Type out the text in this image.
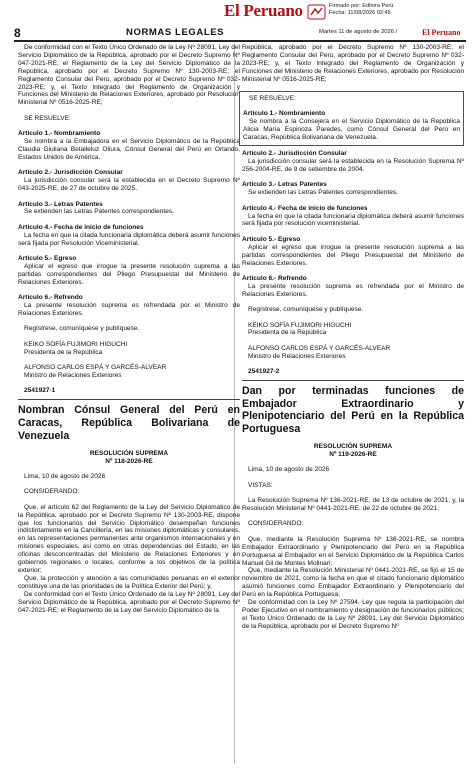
El Peruano	Firmado por: Editora Perú
Fecha: 11/08/2026 02:45
8	NORMAS LEGALES	Martes 11 de agosto de 2026 /	El Peruano

De conformidad con el Texto Único Ordenado de la Ley Nº 28091, Ley del Servicio Diplomático de la República, aprobado por el Decreto Supremo Nº 047-2021-RE; el Reglamento de la Ley del Servicio Diplomático de la República, aprobado por el Decreto Supremo Nº 130-2003-RE; el Reglamento Consular del Perú, aprobado por el Decreto Supremo Nº 032-2023-RE; y, el Texto Integrado del Reglamento de Organización y Funciones del Ministerio de Relaciones Exteriores, aprobado por Resolución Ministerial Nº 0516-2025-RE;

SE RESUELVE:

Artículo 1.- Nombramiento

Se nombra a la Embajadora en el Servicio Diplomático de la República Claudia Giuliana Betalleluz Oliura, Cónsul General del Perú en Orlando, Estados Unidos de América.

Artículo 2.- Jurisdicción Consular

La jurisdicción consular será la establecida en el Decreto Supremo Nº 043-2025-RE, de 27 de octubre de 2025.

Artículo 3.- Letras Patentes

Se extienden las Letras Patentes correspondientes.

Artículo 4.- Fecha de inicio de funciones

La fecha en que la citada funcionaria diplomática deberá asumir funciones será fijada por Resolución Viceministerial.

Artículo 5.- Egreso

Aplicar el egreso que irrogue la presente resolución suprema a las partidas correspondientes del Pliego Presupuestal del Ministerio de Relaciones Exteriores.

Artículo 6.- Refrendo

La presente resolución suprema es refrendada por el Ministro de Relaciones Exteriores.

Regístrese, comuníquese y publíquese.

KEIKO SOFÍA FUJIMORI HIGUCHI

Presidenta de la República

ALFONSO CARLOS ESPÁ Y GARCÉS-ALVEAR

Ministro de Relaciones Exteriores

2541927-1

Nombran Cónsul General del Perú en Caracas, República Bolivariana de Venezuela

RESOLUCIÓN SUPREMA

Nº 118-2026-RE

Lima, 10 de agosto de 2026

CONSIDERANDO:

Que, el artículo 62 del Reglamento de la Ley del Servicio Diplomático de la República, aprobado por el Decreto Supremo Nº 130-2003-RE, dispone que los funcionarios del Servicio Diplomático desempeñan funciones indistintamente en la Cancillería, en las misiones diplomáticas y consulares, en las representaciones permanentes ante organismos internacionales y en misiones especiales, así como en otras dependencias del Estado, en las oficinas desconcentradas del Ministerio de Relaciones Exteriores y en gobiernos regionales o locales, conforme a los objetivos de la política exterior;

Que, la protección y atención a las comunidades peruanas en el exterior constituye una de las prioridades de la Política Exterior del Perú; y,

De conformidad con el Texto Único Ordenado de la Ley Nº 28091, Ley del Servicio Diplomático de la República, aprobado por el Decreto Supremo Nº 047-2021-RE; el Reglamento de la Ley del Servicio Diplomático de la

República, aprobado por el Decreto Supremo Nº 130-2003-RE; el Reglamento Consular del Perú, aprobado por el Decreto Supremo Nº 032-2023-RE; y, el Texto Integrado del Reglamento de Organización y Funciones del Ministerio de Relaciones Exteriores, aprobado por Resolución Ministerial Nº 0516-2025-RE;

SE RESUELVE:

Artículo 1.- Nombramiento

Se nombra a la Consejera en el Servicio Diplomático de la República Alicia María Espinoza Paredes, como Cónsul General del Perú en Caracas, República Bolivariana de Venezuela.

Artículo 2.- Jurisdicción Consular

La jurisdicción consular será la establecida en la Resolución Suprema Nº 256-2004-RE, de 9 de setiembre de 2004.

Artículo 3.- Letras Patentes

Se extienden las Letras Patentes correspondientes.

Artículo 4.- Fecha de inicio de funciones

La fecha en que la citada funcionaria diplomática deberá asumir funciones será fijada por resolución viceministerial.

Artículo 5.- Egreso

Aplicar el egreso que irrogue la presente resolución suprema a las partidas correspondientes del Pliego Presupuestal del Ministerio de Relaciones Exteriores.

Artículo 6.- Refrendo

La presente resolución suprema es refrendada por el Ministro de Relaciones Exteriores.

Regístrese, comuníquese y publíquese.

KEIKO SOFÍA FUJIMORI HIGUCHI

Presidenta de la República

ALFONSO CARLOS ESPÁ Y GARCÉS-ALVEAR

Ministro de Relaciones Exteriores

2541927-2

Dan por terminadas funciones de Embajador Extraordinario y Plenipotenciario del Perú en la República Portuguesa

RESOLUCIÓN SUPREMA

Nº 119-2026-RE

Lima, 10 de agosto de 2026

VISTAS:

La Resolución Suprema Nº 136-2021-RE, de 13 de octubre de 2021; y, la Resolución Ministerial Nº 0441-2021-RE, de 22 de octubre de 2021;

CONSIDERANDO:

Que, mediante la Resolución Suprema Nº 136-2021-RE, se nombra Embajador Extraordinario y Plenipotenciario del Perú en la República Portuguesa al Embajador en el Servicio Diplomático de la República Carlos Manuel Gil de Montes Molinari;

Que, mediante la Resolución Ministerial Nº 0441-2021-RE, se fijó el 15 de noviembre de 2021, como la fecha en que el citado funcionario diplomático asumió funciones como Embajador Extraordinario y Plenipotenciario del Perú en la República Portuguesa;

De conformidad con la Ley Nº 27594, Ley que regula la participación del Poder Ejecutivo en el nombramiento y designación de funcionarios públicos; el Texto Único Ordenado de la Ley Nº 28091, Ley del Servicio Diplomático de la República, aprobado por el Decreto Supremo Nº
